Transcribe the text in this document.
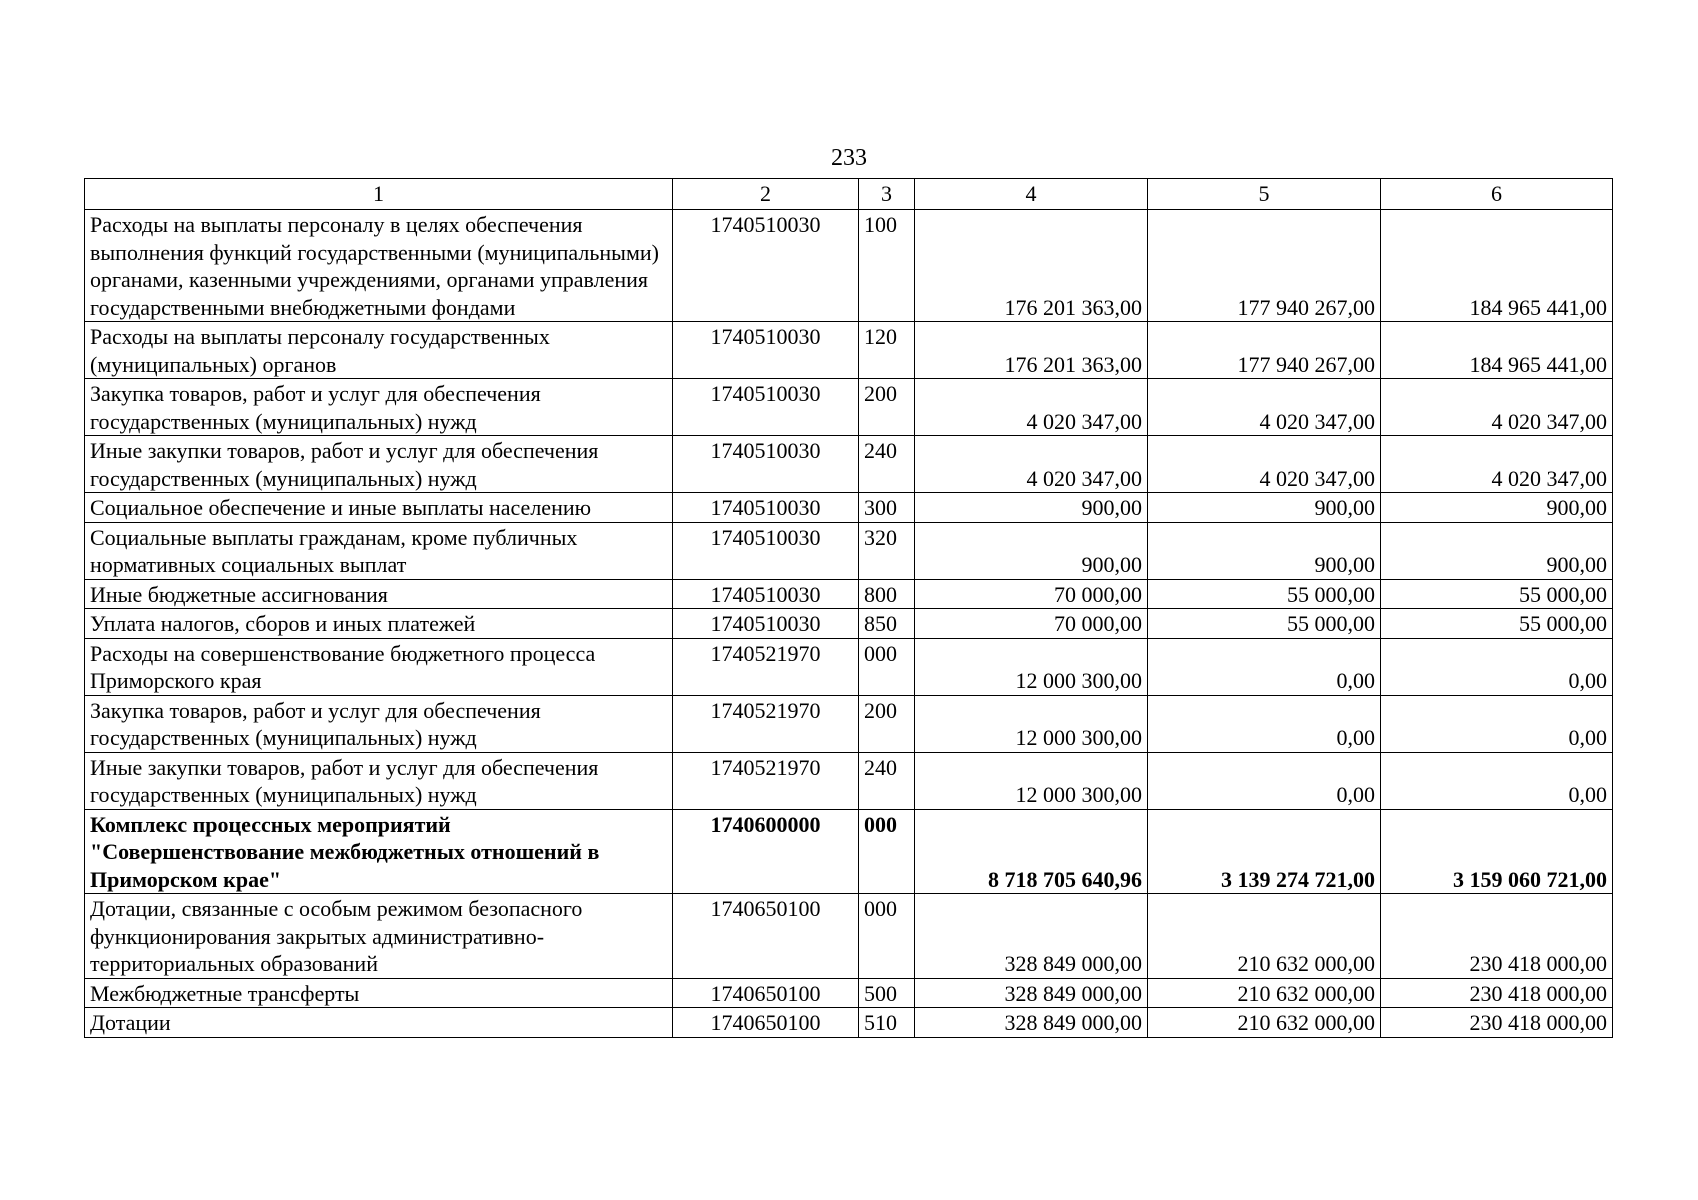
233
1	2	3	4	5	6
Расходы на выплаты персоналу в целях обеспечения выполнения функций государственными (муниципальными) органами, казенными учреждениями, органами управления государственными внебюджетными фондами	1740510030	100	176 201 363,00	177 940 267,00	184 965 441,00
Расходы на выплаты персоналу государственных (муниципальных) органов	1740510030	120	176 201 363,00	177 940 267,00	184 965 441,00
Закупка товаров, работ и услуг для обеспечения государственных (муниципальных) нужд	1740510030	200	4 020 347,00	4 020 347,00	4 020 347,00
Иные закупки товаров, работ и услуг для обеспечения государственных (муниципальных) нужд	1740510030	240	4 020 347,00	4 020 347,00	4 020 347,00
Социальное обеспечение и иные выплаты населению	1740510030	300	900,00	900,00	900,00
Социальные выплаты гражданам, кроме публичных нормативных социальных выплат	1740510030	320	900,00	900,00	900,00
Иные бюджетные ассигнования	1740510030	800	70 000,00	55 000,00	55 000,00
Уплата налогов, сборов и иных платежей	1740510030	850	70 000,00	55 000,00	55 000,00
Расходы на совершенствование бюджетного процесса Приморского края	1740521970	000	12 000 300,00	0,00	0,00
Закупка товаров, работ и услуг для обеспечения государственных (муниципальных) нужд	1740521970	200	12 000 300,00	0,00	0,00
Иные закупки товаров, работ и услуг для обеспечения государственных (муниципальных) нужд	1740521970	240	12 000 300,00	0,00	0,00
Комплекс процессных мероприятий "Совершенствование межбюджетных отношений в Приморском крае"	1740600000	000	8 718 705 640,96	3 139 274 721,00	3 159 060 721,00
Дотации, связанные с особым режимом безопасного функционирования закрытых административно-территориальных образований	1740650100	000	328 849 000,00	210 632 000,00	230 418 000,00
Межбюджетные трансферты	1740650100	500	328 849 000,00	210 632 000,00	230 418 000,00
Дотации	1740650100	510	328 849 000,00	210 632 000,00	230 418 000,00
